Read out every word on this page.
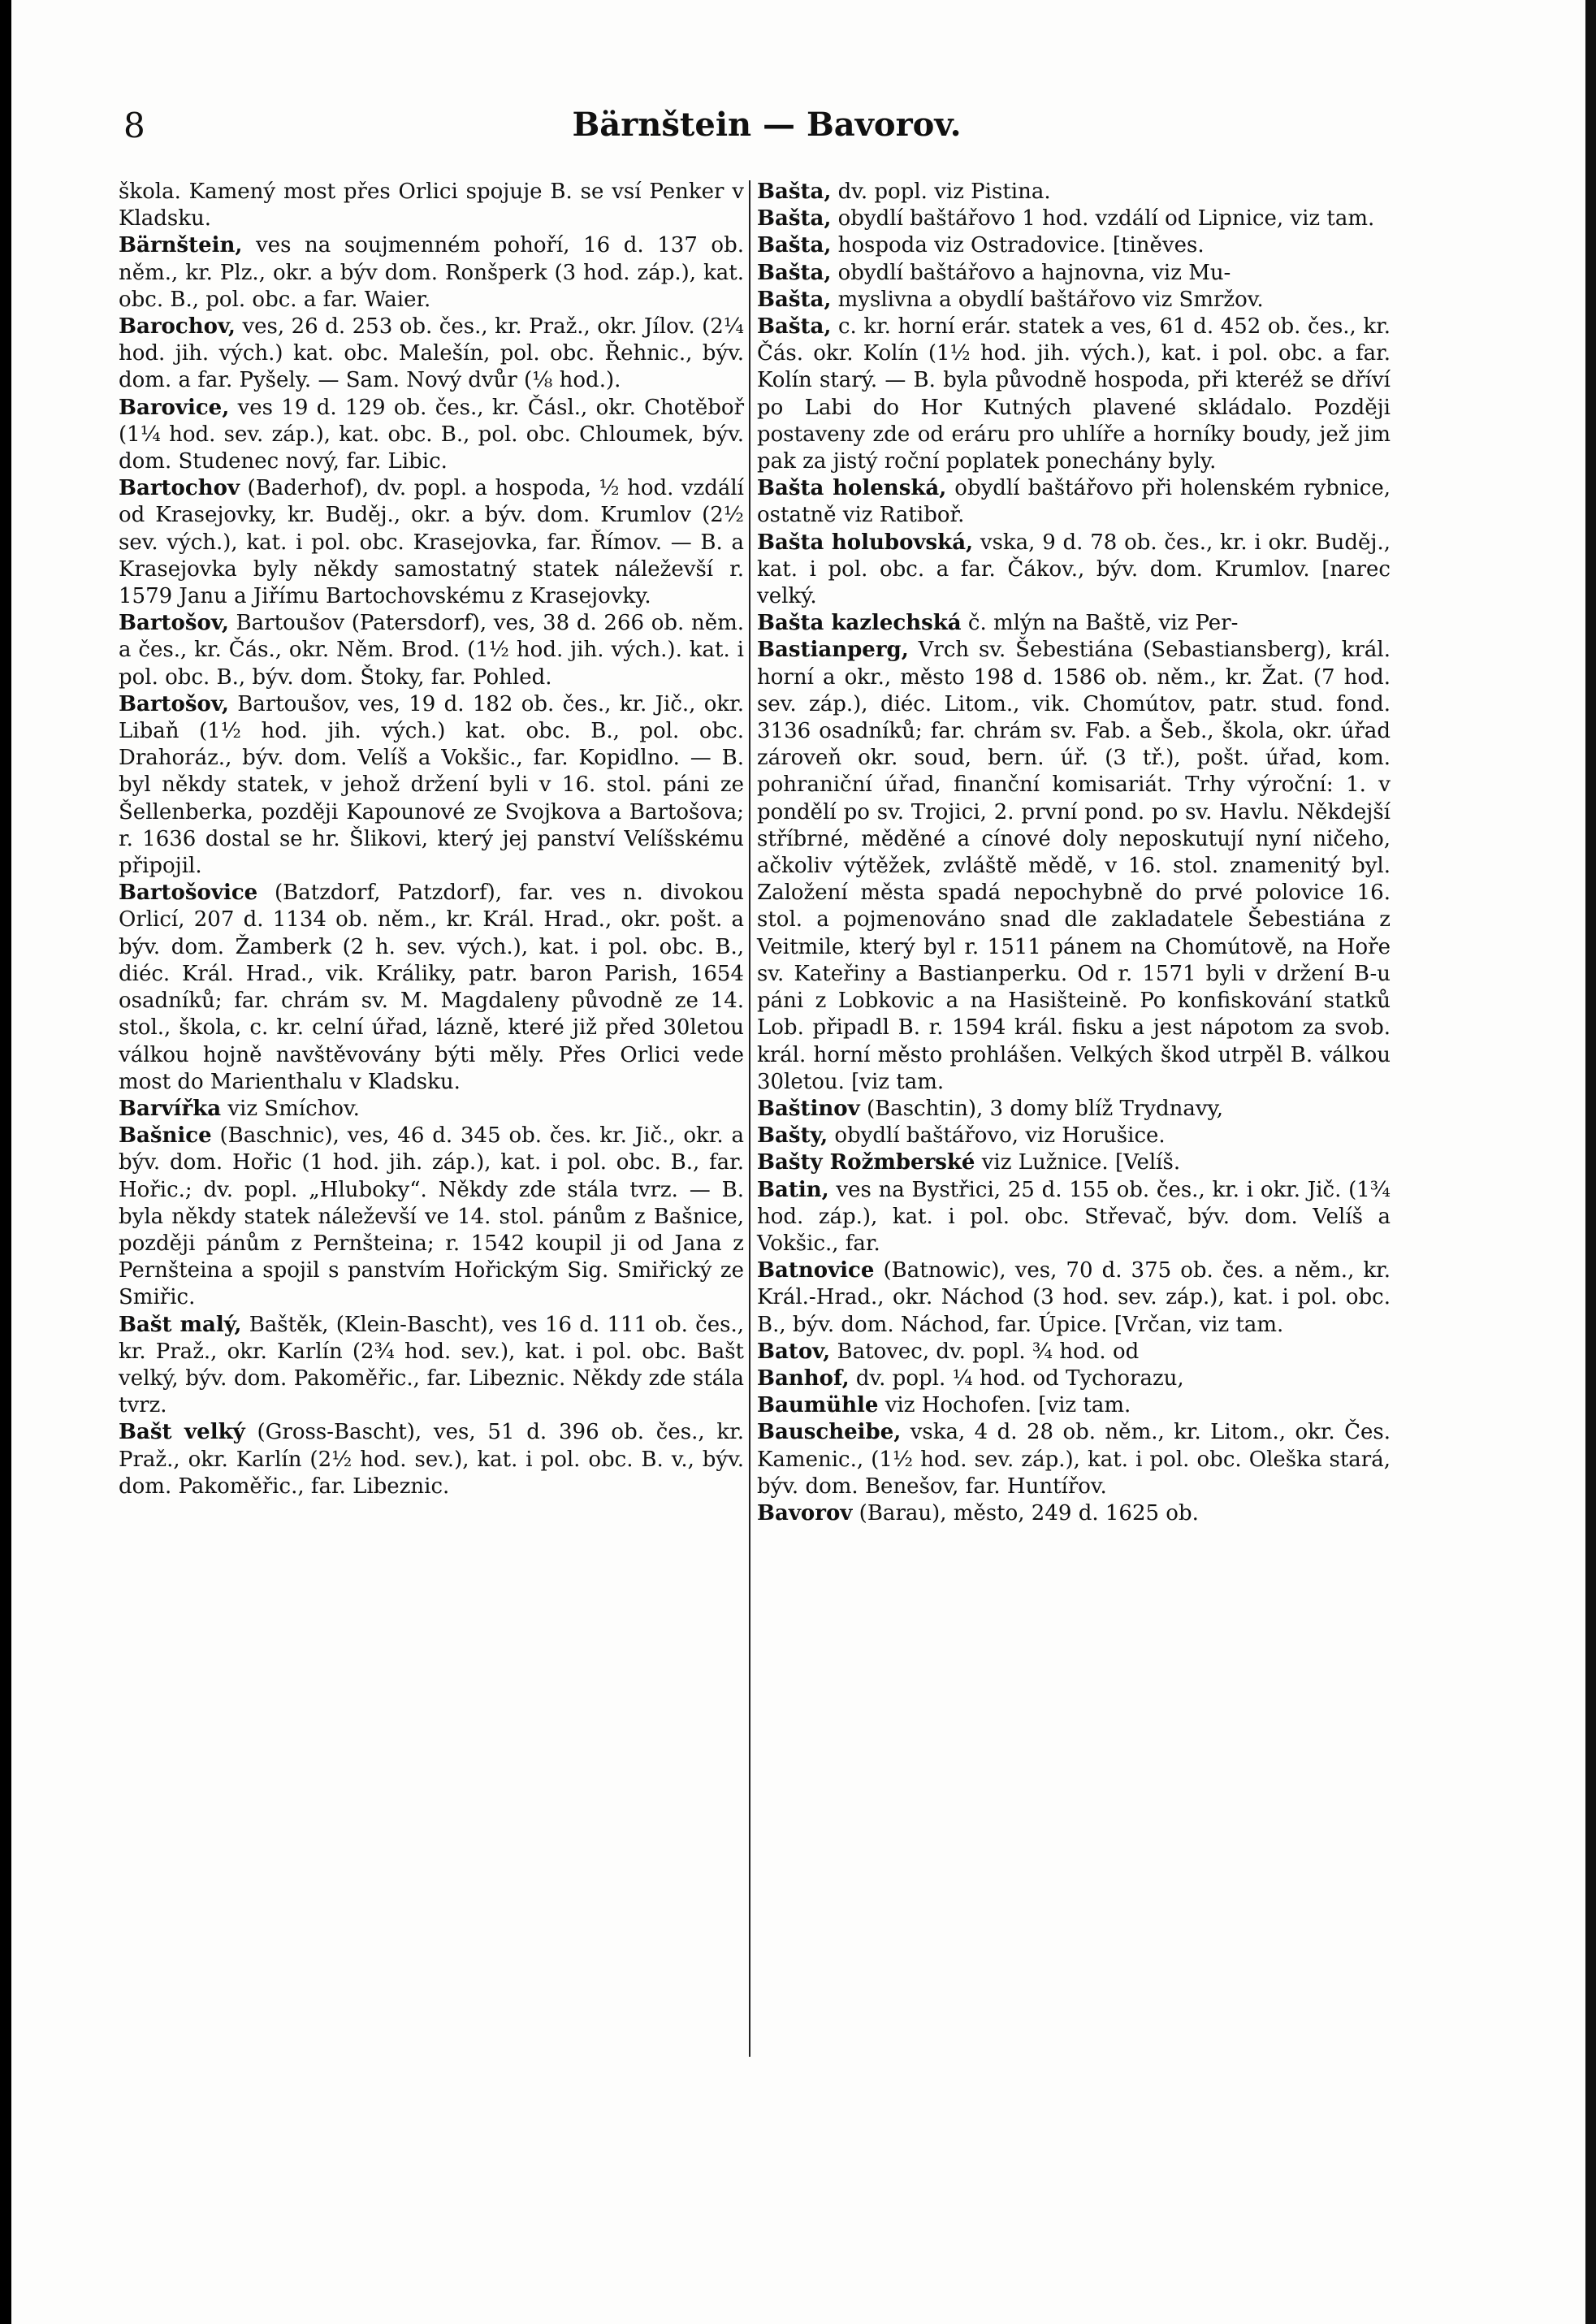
8	Bärnštein — Bavorov.

škola. Kamený most přes Orlici spojuje B. se vsí Penker v Kladsku.

Bärnštein, ves na soujmenném pohoří, 16 d. 137 ob. něm., kr. Plz., okr. a býv dom. Ronšperk (3 hod. záp.), kat. obc. B., pol. obc. a far. Waier.

Barochov, ves, 26 d. 253 ob. čes., kr. Praž., okr. Jílov. (2¼ hod. jih. vých.) kat. obc. Malešín, pol. obc. Řehnic., býv. dom. a far. Pyšely. — Sam. Nový dvůr (⅛ hod.).

Barovice, ves 19 d. 129 ob. čes., kr. Čásl., okr. Chotěboř (1¼ hod. sev. záp.), kat. obc. B., pol. obc. Chloumek, býv. dom. Studenec nový, far. Libic.

Bartochov (Baderhof), dv. popl. a hospoda, ½ hod. vzdálí od Krasejovky, kr. Buděj., okr. a býv. dom. Krumlov (2½ sev. vých.), kat. i pol. obc. Krasejovka, far. Římov. — B. a Krasejovka byly někdy samostatný statek náleževší r. 1579 Janu a Jiřímu Bartochovskému z Krasejovky.

Bartošov, Bartoušov (Patersdorf), ves, 38 d. 266 ob. něm. a čes., kr. Čás., okr. Něm. Brod. (1½ hod. jih. vých.). kat. i pol. obc. B., býv. dom. Štoky, far. Pohled.

Bartošov, Bartoušov, ves, 19 d. 182 ob. čes., kr. Jič., okr. Libaň (1½ hod. jih. vých.) kat. obc. B., pol. obc. Drahoráz., býv. dom. Velíš a Vokšic., far. Kopidlno. — B. byl někdy statek, v jehož držení byli v 16. stol. páni ze Šellenberka, později Kapounové ze Svojkova a Bartošova; r. 1636 dostal se hr. Šlikovi, který jej panství Velíšskému připojil.

Bartošovice (Batzdorf, Patzdorf), far. ves n. divokou Orlicí, 207 d. 1134 ob. něm., kr. Král. Hrad., okr. pošt. a býv. dom. Žamberk (2 h. sev. vých.), kat. i pol. obc. B., diéc. Král. Hrad., vik. Králiky, patr. baron Parish, 1654 osadníků; far. chrám sv. M. Magdaleny původně ze 14. stol., škola, c. kr. celní úřad, lázně, které již před 30letou válkou hojně navštěvovány býti měly. Přes Orlici vede most do Marienthalu v Kladsku.

Barvířka viz Smíchov.

Bašnice (Baschnic), ves, 46 d. 345 ob. čes. kr. Jič., okr. a býv. dom. Hořic (1 hod. jih. záp.), kat. i pol. obc. B., far. Hořic.; dv. popl. „Hluboky“. Někdy zde stála tvrz. — B. byla někdy statek náleževší ve 14. stol. pánům z Bašnice, později pánům z Pernšteina; r. 1542 koupil ji od Jana z Pernšteina a spojil s panstvím Hořickým Sig. Smiřický ze Smiřic.

Bašt malý, Baštěk, (Klein-Bascht), ves 16 d. 111 ob. čes., kr. Praž., okr. Karlín (2¾ hod. sev.), kat. i pol. obc. Bašt velký, býv. dom. Pakoměřic., far. Libeznic. Někdy zde stála tvrz.

Bašt velký (Gross-Bascht), ves, 51 d. 396 ob. čes., kr. Praž., okr. Karlín (2½ hod. sev.), kat. i pol. obc. B. v., býv. dom. Pakoměřic., far. Libeznic.

Bašta, dv. popl. viz Pistina.

Bašta, obydlí baštářovo 1 hod. vzdálí od Lipnice, viz tam.

Bašta, hospoda viz Ostradovice. [tiněves.

Bašta, obydlí baštářovo a hajnovna, viz Mu-

Bašta, myslivna a obydlí baštářovo viz Smržov.

Bašta, c. kr. horní erár. statek a ves, 61 d. 452 ob. čes., kr. Čás. okr. Kolín (1½ hod. jih. vých.), kat. i pol. obc. a far. Kolín starý. — B. byla původně hospoda, při kteréž se dříví po Labi do Hor Kutných plavené skládalo. Později postaveny zde od eráru pro uhlíře a horníky boudy, jež jim pak za jistý roční poplatek ponechány byly.

Bašta holenská, obydlí baštářovo při holenském rybnice, ostatně viz Ratiboř.

Bašta holubovská, vska, 9 d. 78 ob. čes., kr. i okr. Buděj., kat. i pol. obc. a far. Čákov., býv. dom. Krumlov. [narec velký.

Bašta kazlechská č. mlýn na Baště, viz Per-

Bastianperg, Vrch sv. Šebestiána (Sebastiansberg), král. horní a okr., město 198 d. 1586 ob. něm., kr. Žat. (7 hod. sev. záp.), diéc. Litom., vik. Chomútov, patr. stud. fond. 3136 osadníků; far. chrám sv. Fab. a Šeb., škola, okr. úřad zároveň okr. soud, bern. úř. (3 tř.), pošt. úřad, kom. pohraniční úřad, finanční komisariát. Trhy výroční: 1. v pondělí po sv. Trojici, 2. první pond. po sv. Havlu. Někdejší stříbrné, měděné a cínové doly neposkutují nyní ničeho, ačkoliv výtěžek, zvláště mědě, v 16. stol. znamenitý byl. Založení města spadá nepochybně do prvé polovice 16. stol. a pojmenováno snad dle zakladatele Šebestiána z Veitmile, který byl r. 1511 pánem na Chomútově, na Hoře sv. Kateřiny a Bastianperku. Od r. 1571 byli v držení B-u páni z Lobkovic a na Hasišteině. Po konfiskování statků Lob. připadl B. r. 1594 král. fisku a jest nápotom za svob. král. horní město prohlášen. Velkých škod utrpěl B. válkou 30letou. [viz tam.

Baštinov (Baschtin), 3 domy blíž Trydnavy,

Bašty, obydlí baštářovo, viz Horušice.

Bašty Rožmberské viz Lužnice. [Velíš.

Batin, ves na Bystřici, 25 d. 155 ob. čes., kr. i okr. Jič. (1¾ hod. záp.), kat. i pol. obc. Střevač, býv. dom. Velíš a Vokšic., far.

Batnovice (Batnowic), ves, 70 d. 375 ob. čes. a něm., kr. Král.-Hrad., okr. Náchod (3 hod. sev. záp.), kat. i pol. obc. B., býv. dom. Náchod, far. Úpice. [Vrčan, viz tam.

Batov, Batovec, dv. popl. ¾ hod. od

Banhof, dv. popl. ¼ hod. od Tychorazu,

Baumühle viz Hochofen. [viz tam.

Bauscheibe, vska, 4 d. 28 ob. něm., kr. Litom., okr. Čes. Kamenic., (1½ hod. sev. záp.), kat. i pol. obc. Oleška stará, býv. dom. Benešov, far. Huntířov.

Bavorov (Barau), město, 249 d. 1625 ob.
